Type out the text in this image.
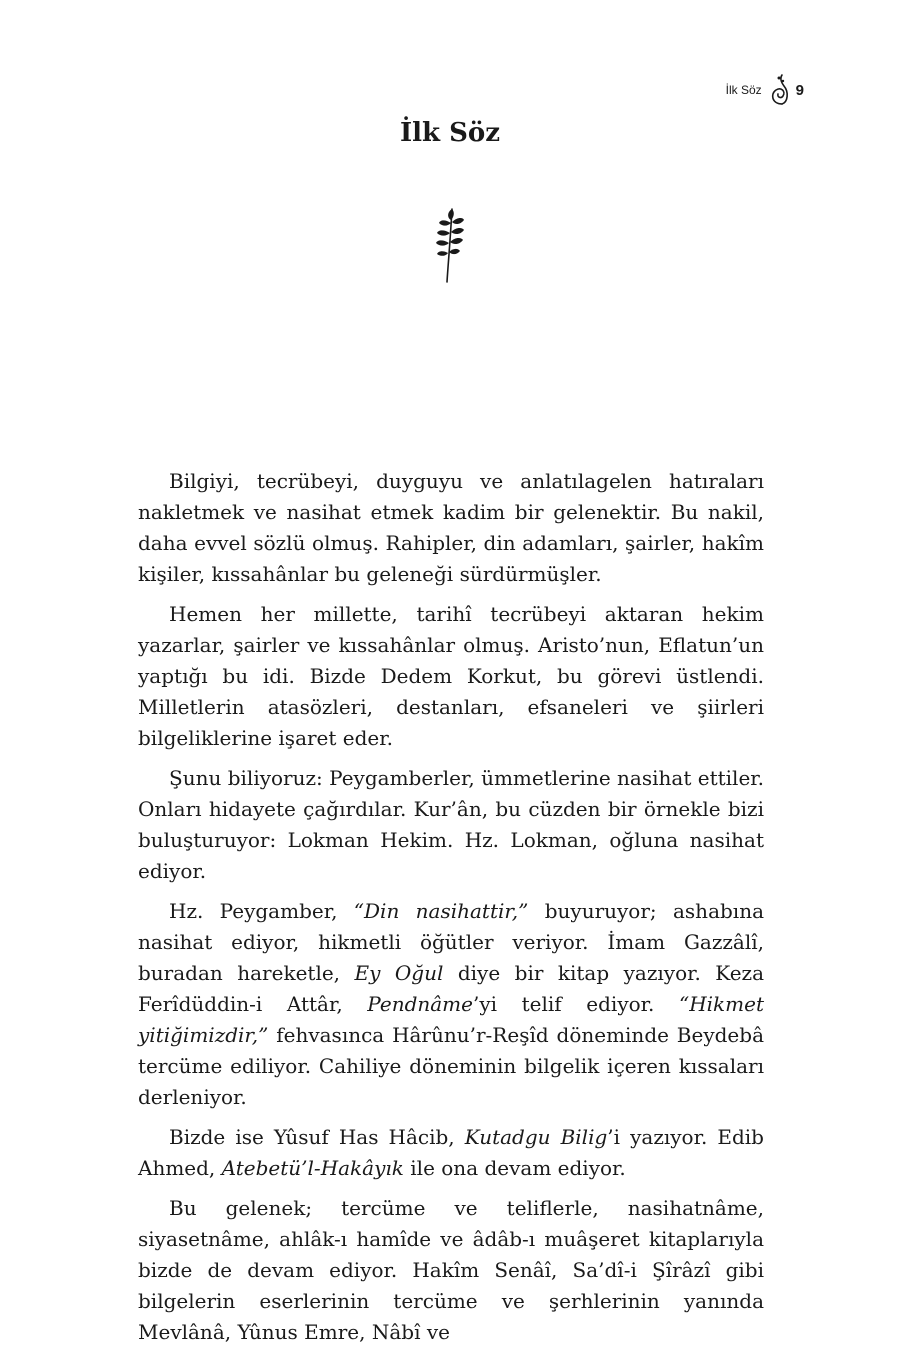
İlk Söz 9
İlk Söz

Bilgiyi, tecrübeyi, duyguyu ve anlatılagelen hatıraları nakletmek ve nasihat etmek kadim bir gelenektir. Bu nakil, daha evvel sözlü olmuş. Rahipler, din adamları, şairler, hakîm kişiler, kıssahânlar bu geleneği sürdürmüşler.

Hemen her millette, tarihî tecrübeyi aktaran hekim yazarlar, şairler ve kıssahânlar olmuş. Aristo’nun, Eflatun’un yaptığı bu idi. Bizde Dedem Korkut, bu görevi üstlendi. Milletlerin atasözleri, destanları, efsaneleri ve şiirleri bilgeliklerine işaret eder.

Şunu biliyoruz: Peygamberler, ümmetlerine nasihat ettiler. Onları hidayete çağırdılar. Kur’ân, bu cüzden bir örnekle bizi buluşturuyor: Lokman Hekim. Hz. Lokman, oğluna nasihat ediyor.

Hz. Peygamber, “Din nasihattir,” buyuruyor; ashabına nasihat ediyor, hikmetli öğütler veriyor. İmam Gazzâlî, buradan hareketle, Ey Oğul diye bir kitap yazıyor. Keza Ferîdüddin-i Attâr, Pendnâme’yi telif ediyor. “Hikmet yitiğimizdir,” fehvasınca Hârûnu’r-Reşîd döneminde Beydebâ tercüme ediliyor. Cahiliye döneminin bilgelik içeren kıssaları derleniyor.

Bizde ise Yûsuf Has Hâcib, Kutadgu Bilig’i yazıyor. Edib Ahmed, Atebetü’l-Hakâyık ile ona devam ediyor.

Bu gelenek; tercüme ve teliflerle, nasihatnâme, siyasetnâme, ahlâk-ı hamîde ve âdâb-ı muâşeret kitaplarıyla bizde de devam ediyor. Hakîm Senâî, Sa’dî-i Şîrâzî gibi bilgelerin eserlerinin tercüme ve şerhlerinin yanında Mevlânâ, Yûnus Emre, Nâbî ve
